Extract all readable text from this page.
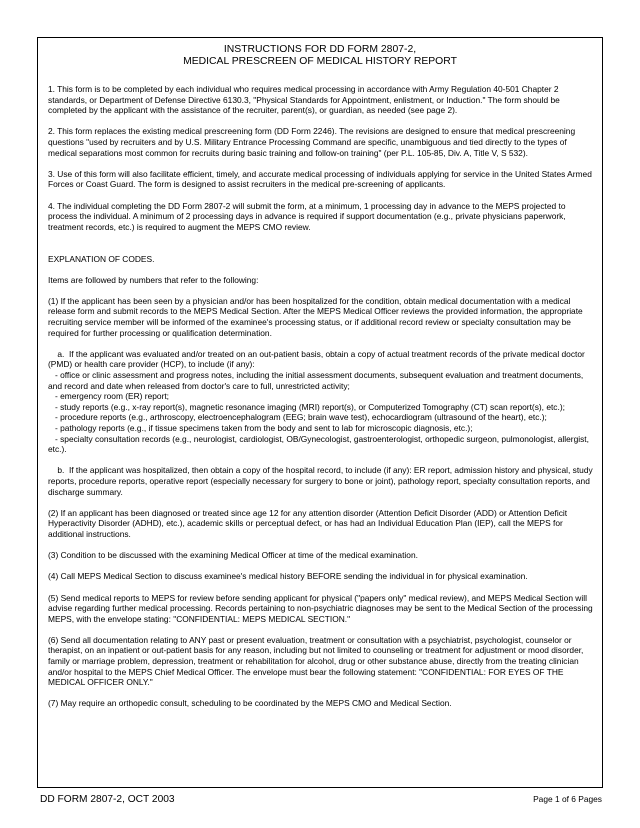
INSTRUCTIONS FOR DD FORM 2807-2,
MEDICAL PRESCREEN OF MEDICAL HISTORY REPORT

1. This form is to be completed by each individual who requires medical processing in accordance with Army Regulation 40-501 Chapter 2 standards, or Department of Defense Directive 6130.3, "Physical Standards for Appointment, enlistment, or Induction." The form should be completed by the applicant with the assistance of the recruiter, parent(s), or guardian, as needed (see page 2).

2. This form replaces the existing medical prescreening form (DD Form 2246). The revisions are designed to ensure that medical prescreening questions "used by recruiters and by U.S. Military Entrance Processing Command are specific, unambiguous and tied directly to the types of medical separations most common for recruits during basic training and follow-on training" (per P.L. 105-85, Div. A, Title V, S 532).

3. Use of this form will also facilitate efficient, timely, and accurate medical processing of individuals applying for service in the United States Armed Forces or Coast Guard. The form is designed to assist recruiters in the medical pre-screening of applicants.

4. The individual completing the DD Form 2807-2 will submit the form, at a minimum, 1 processing day in advance to the MEPS projected to process the individual. A minimum of 2 processing days in advance is required if support documentation (e.g., private physicians paperwork, treatment records, etc.) is required to augment the MEPS CMO review.

EXPLANATION OF CODES.

Items are followed by numbers that refer to the following:

(1) If the applicant has been seen by a physician and/or has been hospitalized for the condition, obtain medical documentation with a medical release form and submit records to the MEPS Medical Section. After the MEPS Medical Officer reviews the provided information, the appropriate recruiting service member will be informed of the examinee's processing status, or if additional record review or specialty consultation may be required for further processing or qualification determination.

a.  If the applicant was evaluated and/or treated on an out-patient basis, obtain a copy of actual treatment records of the private medical doctor (PMD) or health care provider (HCP), to include (if any):

- office or clinic assessment and progress notes, including the initial assessment documents, subsequent evaluation and treatment documents, and record and date when released from doctor's care to full, unrestricted activity;

- emergency room (ER) report;

- study reports (e.g., x-ray report(s), magnetic resonance imaging (MRI) report(s), or Computerized Tomography (CT) scan report(s), etc.);

- procedure reports (e.g., arthroscopy, electroencephalogram (EEG; brain wave test), echocardiogram (ultrasound of the heart), etc.);

- pathology reports (e.g., if tissue specimens taken from the body and sent to lab for microscopic diagnosis, etc.);

- specialty consultation records (e.g., neurologist, cardiologist, OB/Gynecologist, gastroenterologist, orthopedic surgeon, pulmonologist, allergist, etc.).

b.  If the applicant was hospitalized, then obtain a copy of the hospital record, to include (if any): ER report, admission history and physical, study reports, procedure reports, operative report (especially necessary for surgery to bone or joint), pathology report, specialty consultation reports, and discharge summary.

(2) If an applicant has been diagnosed or treated since age 12 for any attention disorder (Attention Deficit Disorder (ADD) or Attention Deficit Hyperactivity Disorder (ADHD), etc.), academic skills or perceptual defect, or has had an Individual Education Plan (IEP), call the MEPS for additional instructions.

(3) Condition to be discussed with the examining Medical Officer at time of the medical examination.

(4) Call MEPS Medical Section to discuss examinee's medical history BEFORE sending the individual in for physical examination.

(5) Send medical reports to MEPS for review before sending applicant for physical ("papers only" medical review), and MEPS Medical Section will advise regarding further medical processing. Records pertaining to non-psychiatric diagnoses may be sent to the Medical Section of the processing MEPS, with the envelope stating: "CONFIDENTIAL: MEPS MEDICAL SECTION."

(6) Send all documentation relating to ANY past or present evaluation, treatment or consultation with a psychiatrist, psychologist, counselor or therapist, on an inpatient or out-patient basis for any reason, including but not limited to counseling or treatment for adjustment or mood disorder, family or marriage problem, depression, treatment or rehabilitation for alcohol, drug or other substance abuse, directly from the treating clinician and/or hospital to the MEPS Chief Medical Officer. The envelope must bear the following statement: "CONFIDENTIAL: FOR EYES OF THE MEDICAL OFFICER ONLY."

(7) May require an orthopedic consult, scheduling to be coordinated by the MEPS CMO and Medical Section.

DD FORM 2807-2, OCT 2003	Page 1 of 6 Pages
